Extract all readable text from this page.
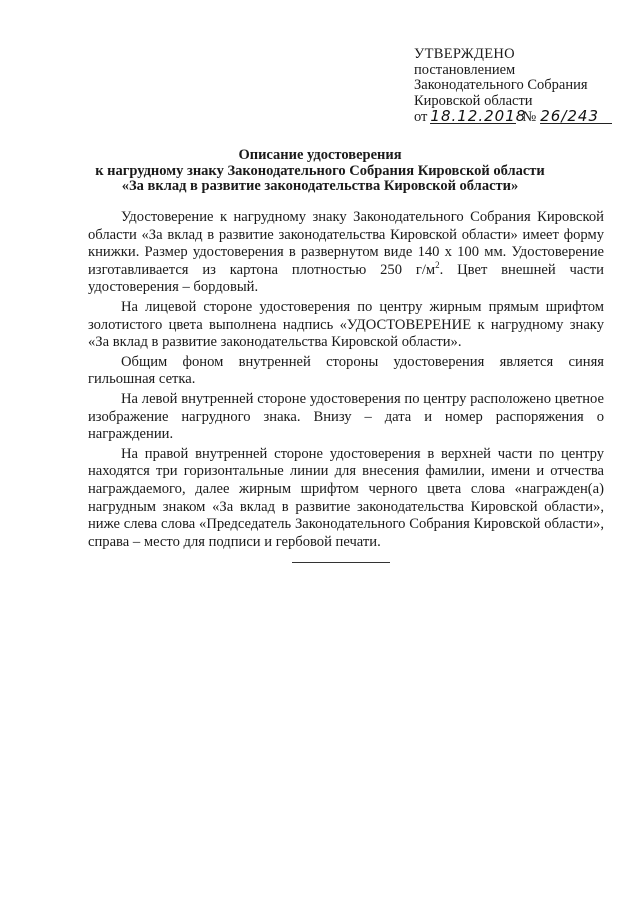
УТВЕРЖДЕНО
постановлением
Законодательного Собрания
Кировской области
от 18.12.2018№ 26/243
Описание удостоверения
к нагрудному знаку Законодательного Собрания Кировской области
«За вклад в развитие законодательства Кировской области»

Удостоверение к нагрудному знаку Законодательного Собрания Кировской области «За вклад в развитие законодательства Кировской области» имеет форму книжки. Размер удостоверения в развернутом виде 140 x 100 мм. Удостоверение изготавливается из картона плотностью 250 $г/м^2$. Цвет внешней части удостоверения – бордовый.

На лицевой стороне удостоверения по центру жирным прямым шрифтом золотистого цвета выполнена надпись «УДОСТОВЕРЕНИЕ к нагрудному знаку «За вклад в развитие законодательства Кировской области».

Общим фоном внутренней стороны удостоверения является синяя гильошная сетка.

На левой внутренней стороне удостоверения по центру расположено цветное изображение нагрудного знака. Внизу – дата и номер распоряжения о награждении.

На правой внутренней стороне удостоверения в верхней части по центру находятся три горизонтальные линии для внесения фамилии, имени и отчества награждаемого, далее жирным шрифтом черного цвета слова «награжден(а) нагрудным знаком «За вклад в развитие законодательства Кировской области», ниже слева слова «Председатель Законодательного Собрания Кировской области», справа – место для подписи и гербовой печати.
